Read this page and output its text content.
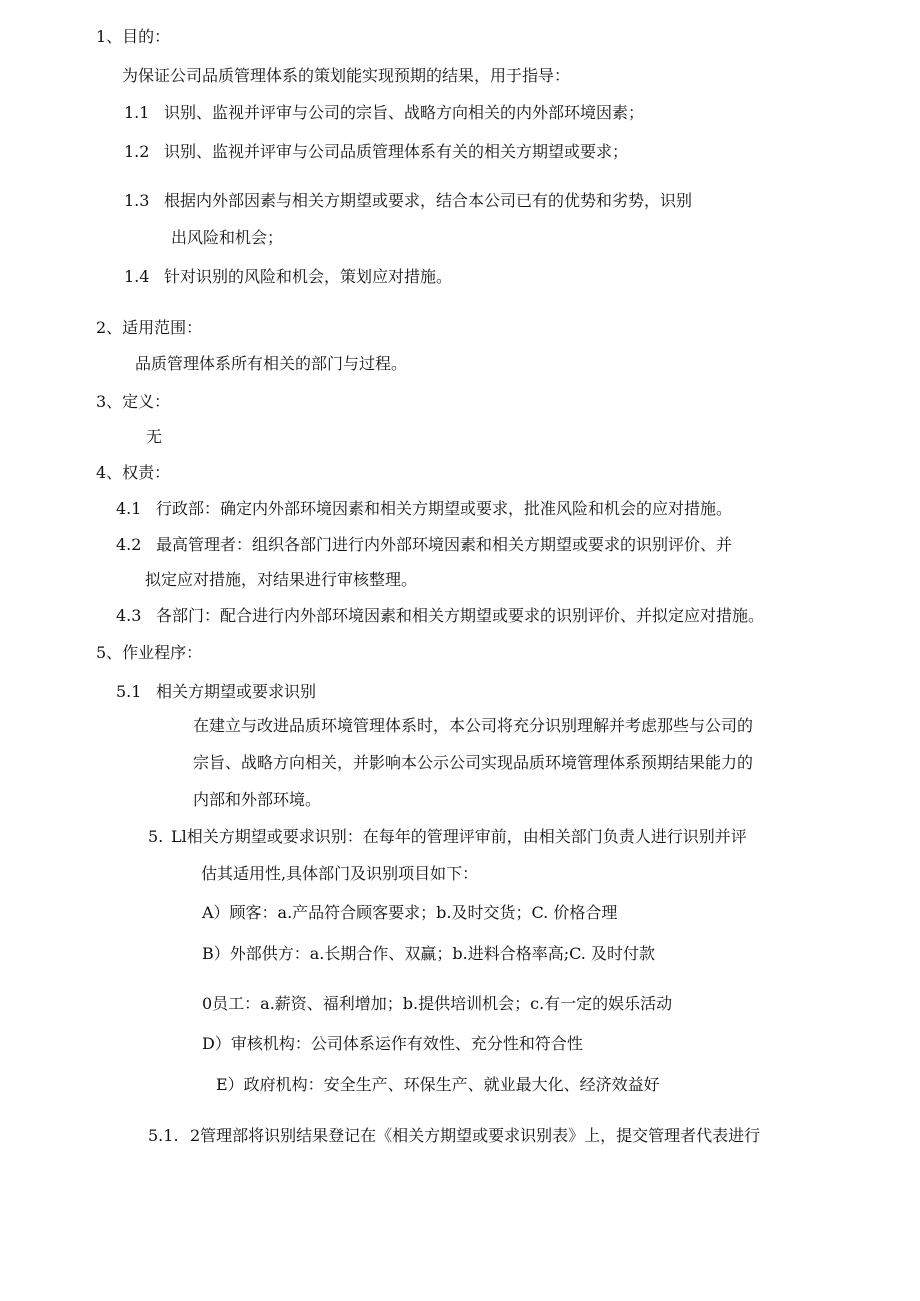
1、目的：
为保证公司品质管理体系的策划能实现预期的结果，用于指导：
1.1 识别、监视并评审与公司的宗旨、战略方向相关的内外部环境因素；
1.2 识别、监视并评审与公司品质管理体系有关的相关方期望或要求；
1.3 根据内外部因素与相关方期望或要求，结合本公司已有的优势和劣势，识别
出风险和机会；
1.4 针对识别的风险和机会，策划应对措施。
2、适用范围：
品质管理体系所有相关的部门与过程。
3、定义：
无
4、权责：
4.1 行政部：确定内外部环境因素和相关方期望或要求，批准风险和机会的应对措施。
4.2 最高管理者：组织各部门进行内外部环境因素和相关方期望或要求的识别评价、并
拟定应对措施，对结果进行审核整理。
4.3 各部门：配合进行内外部环境因素和相关方期望或要求的识别评价、并拟定应对措施。
5、作业程序：
5.1 相关方期望或要求识别
在建立与改进品质环境管理体系时，本公司将充分识别理解并考虑那些与公司的
宗旨、战略方向相关，并影响本公示公司实现品质环境管理体系预期结果能力的
内部和外部环境。
5. Ll相关方期望或要求识别：在每年的管理评审前，由相关部门负责人进行识别并评
估其适用性,具体部门及识别项目如下：
A）顾客：a.产品符合顾客要求；b.及时交货；C. 价格合理
B）外部供方：a.长期合作、双赢；b.进料合格率高;C. 及时付款
0员工：a.薪资、福利增加；b.提供培训机会；c.有一定的娱乐活动
D）审核机构：公司体系运作有效性、充分性和符合性
E）政府机构：安全生产、环保生产、就业最大化、经济效益好
5.1. 2管理部将识别结果登记在《相关方期望或要求识别表》上，提交管理者代表进行
